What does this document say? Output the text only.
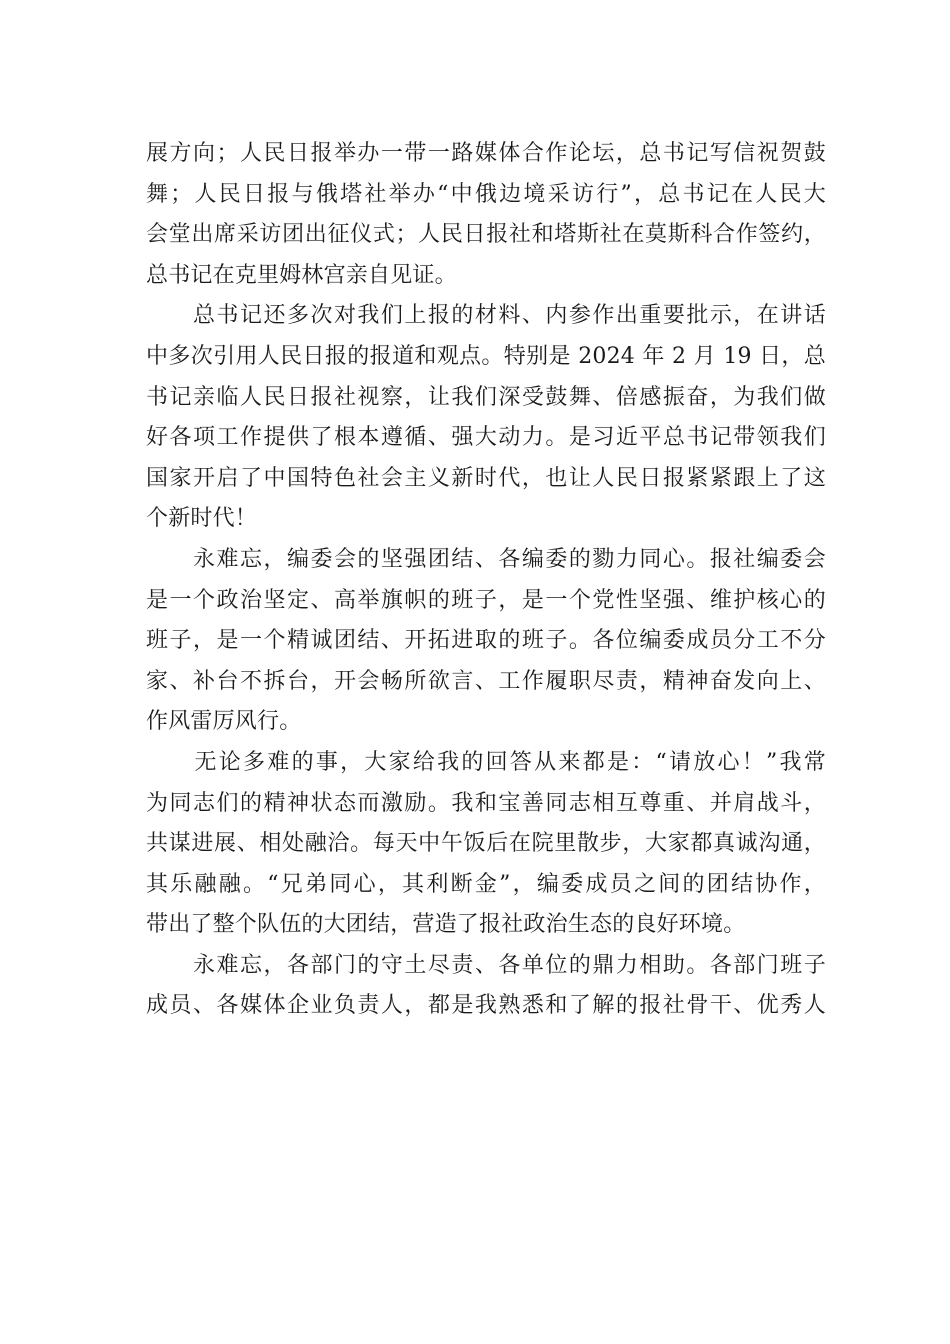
展方向；人民日报举办一带一路媒体合作论坛，总书记写信祝贺鼓
舞；人民日报与俄塔社举办“中俄边境采访行”，总书记在人民大
会堂出席采访团出征仪式；人民日报社和塔斯社在莫斯科合作签约，
总书记在克里姆林宫亲自见证。

　　总书记还多次对我们上报的材料、内参作出重要批示，在讲话
中多次引用人民日报的报道和观点。特别是 2024 年 2 月 19 日，总
书记亲临人民日报社视察，让我们深受鼓舞、倍感振奋，为我们做
好各项工作提供了根本遵循、强大动力。是习近平总书记带领我们
国家开启了中国特色社会主义新时代，也让人民日报紧紧跟上了这
个新时代！

　　永难忘，编委会的坚强团结、各编委的勠力同心。报社编委会
是一个政治坚定、高举旗帜的班子，是一个党性坚强、维护核心的
班子，是一个精诚团结、开拓进取的班子。各位编委成员分工不分
家、补台不拆台，开会畅所欲言、工作履职尽责，精神奋发向上、
作风雷厉风行。

　　无论多难的事，大家给我的回答从来都是：“请放心！”我常
为同志们的精神状态而激励。我和宝善同志相互尊重、并肩战斗，
共谋进展、相处融洽。每天中午饭后在院里散步，大家都真诚沟通，
其乐融融。“兄弟同心，其利断金”，编委成员之间的团结协作，
带出了整个队伍的大团结，营造了报社政治生态的良好环境。

　　永难忘，各部门的守土尽责、各单位的鼎力相助。各部门班子
成员、各媒体企业负责人，都是我熟悉和了解的报社骨干、优秀人
